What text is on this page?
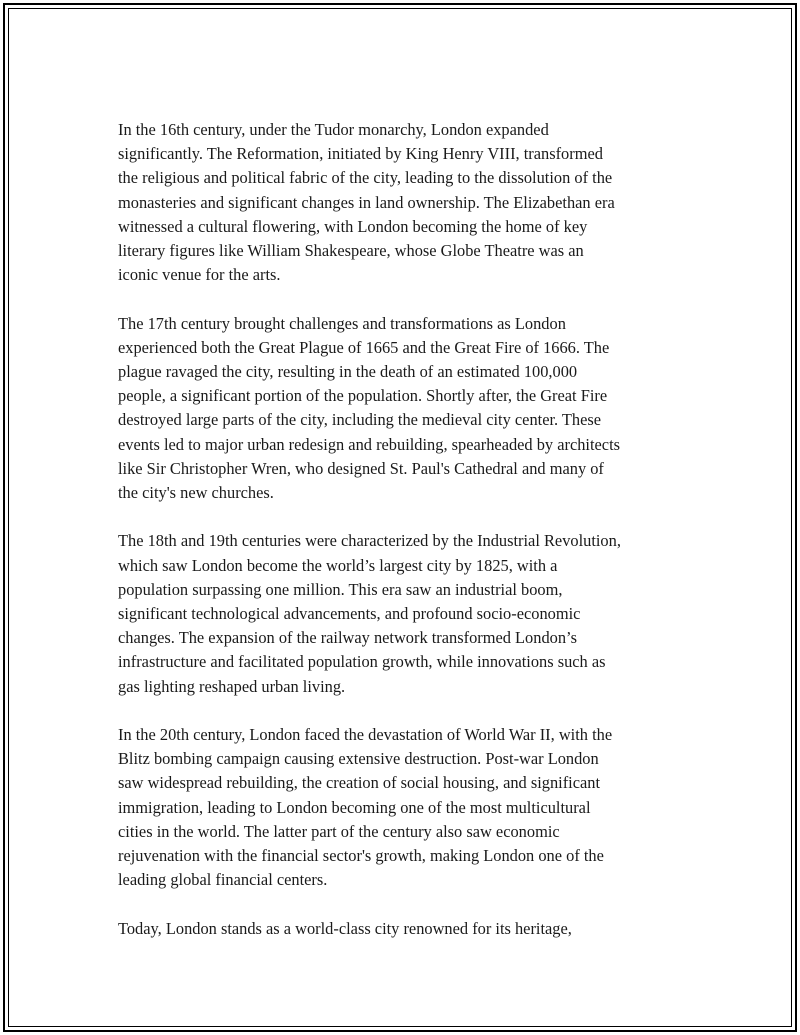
In the 16th century, under the Tudor monarchy, London expanded
significantly. The Reformation, initiated by King Henry VIII, transformed
the religious and political fabric of the city, leading to the dissolution of the
monasteries and significant changes in land ownership. The Elizabethan era
witnessed a cultural flowering, with London becoming the home of key
literary figures like William Shakespeare, whose Globe Theatre was an
iconic venue for the arts.

The 17th century brought challenges and transformations as London
experienced both the Great Plague of 1665 and the Great Fire of 1666. The
plague ravaged the city, resulting in the death of an estimated 100,000
people, a significant portion of the population. Shortly after, the Great Fire
destroyed large parts of the city, including the medieval city center. These
events led to major urban redesign and rebuilding, spearheaded by architects
like Sir Christopher Wren, who designed St. Paul's Cathedral and many of
the city's new churches.

The 18th and 19th centuries were characterized by the Industrial Revolution,
which saw London become the world’s largest city by 1825, with a
population surpassing one million. This era saw an industrial boom,
significant technological advancements, and profound socio-economic
changes. The expansion of the railway network transformed London’s
infrastructure and facilitated population growth, while innovations such as
gas lighting reshaped urban living.

In the 20th century, London faced the devastation of World War II, with the
Blitz bombing campaign causing extensive destruction. Post-war London
saw widespread rebuilding, the creation of social housing, and significant
immigration, leading to London becoming one of the most multicultural
cities in the world. The latter part of the century also saw economic
rejuvenation with the financial sector's growth, making London one of the
leading global financial centers.

Today, London stands as a world-class city renowned for its heritage,
